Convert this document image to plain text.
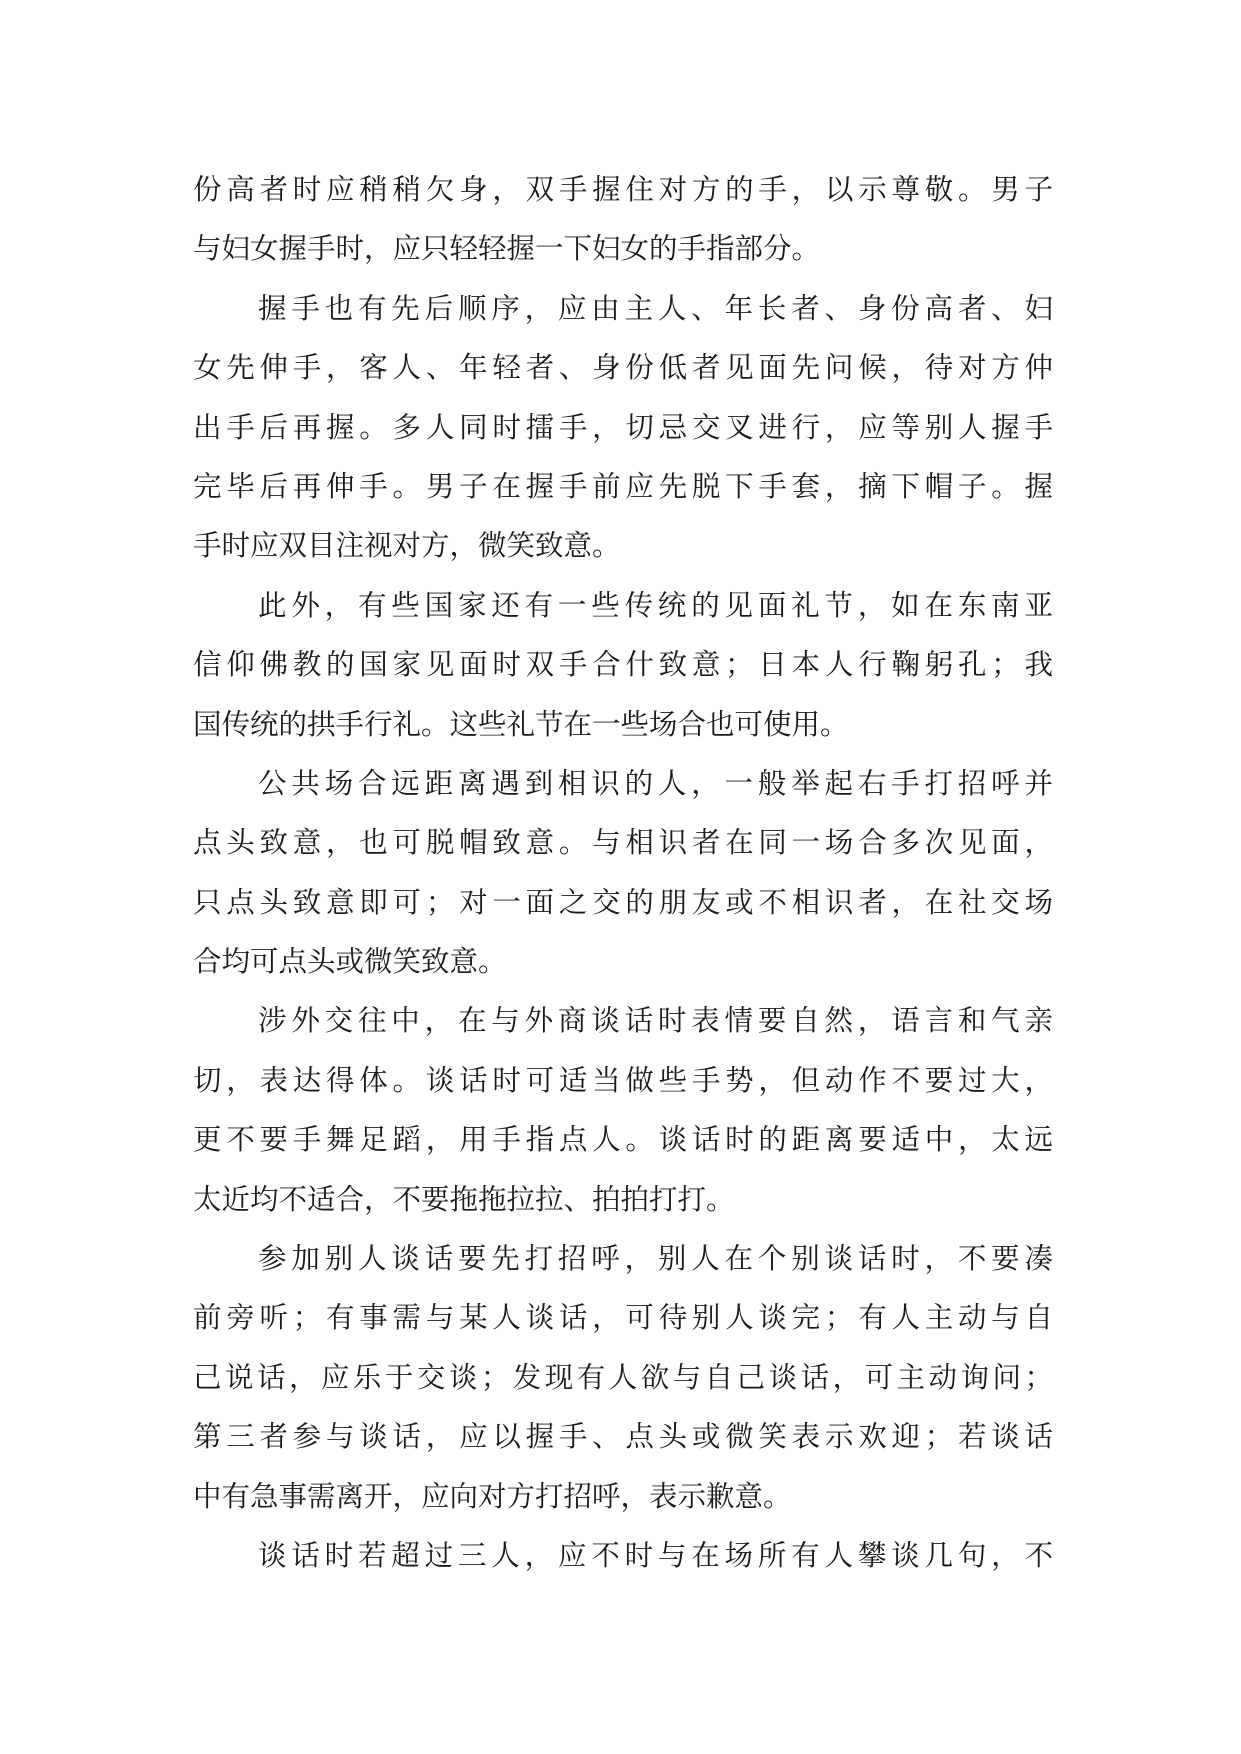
份高者时应稍稍欠身，双手握住对方的手，以示尊敬。男子
与妇女握手时，应只轻轻握一下妇女的手指部分。
握手也有先后顺序，应由主人、年长者、身份高者、妇
女先伸手，客人、年轻者、身份低者见面先问候，待对方仲
出手后再握。多人同时擂手，切忌交叉进行，应等别人握手
完毕后再伸手。男子在握手前应先脱下手套，摘下帽子。握
手时应双目注视对方，微笑致意。
此外，有些国家还有一些传统的见面礼节，如在东南亚
信仰佛教的国家见面时双手合什致意；日本人行鞠躬孔；我
国传统的拱手行礼。这些礼节在一些场合也可使用。
公共场合远距离遇到相识的人，一般举起右手打招呼并
点头致意，也可脱帽致意。与相识者在同一场合多次见面，
只点头致意即可；对一面之交的朋友或不相识者，在社交场
合均可点头或微笑致意。
涉外交往中，在与外商谈话时表情要自然，语言和气亲
切，表达得体。谈话时可适当做些手势，但动作不要过大，
更不要手舞足蹈，用手指点人。谈话时的距离要适中，太远
太近均不适合，不要拖拖拉拉、拍拍打打。
参加别人谈话要先打招呼，别人在个别谈话时，不要凑
前旁听；有事需与某人谈话，可待别人谈完；有人主动与自
己说话，应乐于交谈；发现有人欲与自己谈话，可主动询问；
第三者参与谈话，应以握手、点头或微笑表示欢迎；若谈话
中有急事需离开，应向对方打招呼，表示歉意。
谈话时若超过三人，应不时与在场所有人攀谈几句，不
